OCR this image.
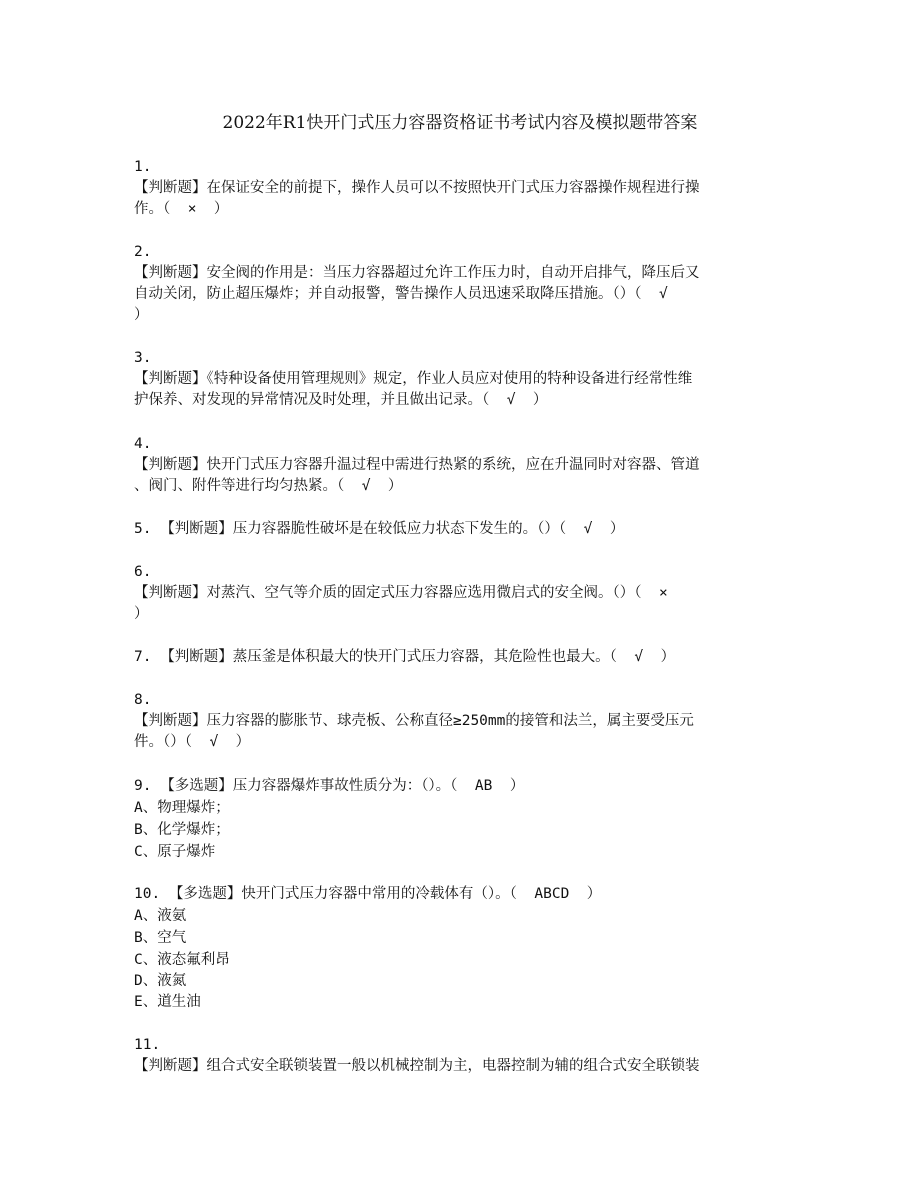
2022年R1快开门式压力容器资格证书考试内容及模拟题带答案
1.
【判断题】在保证安全的前提下，操作人员可以不按照快开门式压力容器操作规程进行操
作。（  ×  ）
2.
【判断题】安全阀的作用是：当压力容器超过允许工作压力时，自动开启排气，降压后又
自动关闭，防止超压爆炸；并自动报警，警告操作人员迅速采取降压措施。（）（  √
）
3.
【判断题】《特种设备使用管理规则》规定，作业人员应对使用的特种设备进行经常性维
护保养、对发现的异常情况及时处理，并且做出记录。（  √  ）
4.
【判断题】快开门式压力容器升温过程中需进行热紧的系统，应在升温同时对容器、管道
、阀门、附件等进行均匀热紧。（  √  ）
5. 【判断题】压力容器脆性破坏是在较低应力状态下发生的。（）（  √  ）
6.
【判断题】对蒸汽、空气等介质的固定式压力容器应选用微启式的安全阀。（）（  ×
）
7. 【判断题】蒸压釜是体积最大的快开门式压力容器，其危险性也最大。（  √  ）
8.
【判断题】压力容器的膨胀节、球壳板、公称直径≥250mm的接管和法兰，属主要受压元
件。（）（  √  ）
9. 【多选题】压力容器爆炸事故性质分为：（）。（  AB  ）
A、物理爆炸；
B、化学爆炸；
C、原子爆炸
10. 【多选题】快开门式压力容器中常用的冷载体有（）。（  ABCD  ）
A、液氨
B、空气
C、液态氟利昂
D、液氮
E、道生油
11.
【判断题】组合式安全联锁装置一般以机械控制为主，电器控制为辅的组合式安全联锁装
